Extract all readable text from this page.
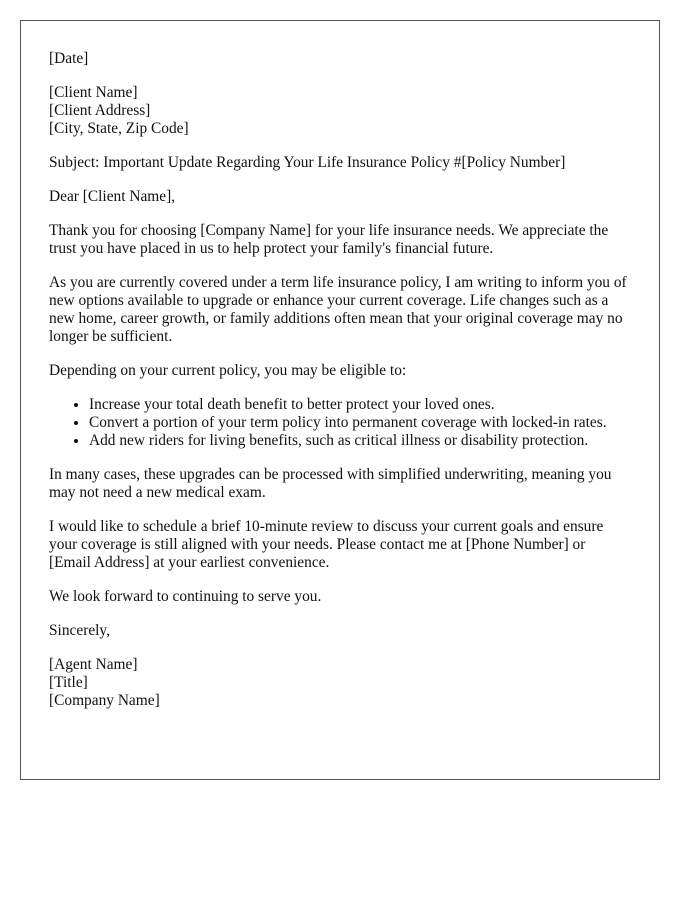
[Date]

[Client Name]
[Client Address]
[City, State, Zip Code]

Subject: Important Update Regarding Your Life Insurance Policy #[Policy Number]

Dear [Client Name],

Thank you for choosing [Company Name] for your life insurance needs. We appreciate the trust you have placed in us to help protect your family's financial future.

As you are currently covered under a term life insurance policy, I am writing to inform you of new options available to upgrade or enhance your current coverage. Life changes such as a new home, career growth, or family additions often mean that your original coverage may no longer be sufficient.

Depending on your current policy, you may be eligible to:

• Increase your total death benefit to better protect your loved ones.
• Convert a portion of your term policy into permanent coverage with locked-in rates.
• Add new riders for living benefits, such as critical illness or disability protection.

In many cases, these upgrades can be processed with simplified underwriting, meaning you may not need a new medical exam.

I would like to schedule a brief 10-minute review to discuss your current goals and ensure your coverage is still aligned with your needs. Please contact me at [Phone Number] or [Email Address] at your earliest convenience.

We look forward to continuing to serve you.

Sincerely,

[Agent Name]
[Title]
[Company Name]
